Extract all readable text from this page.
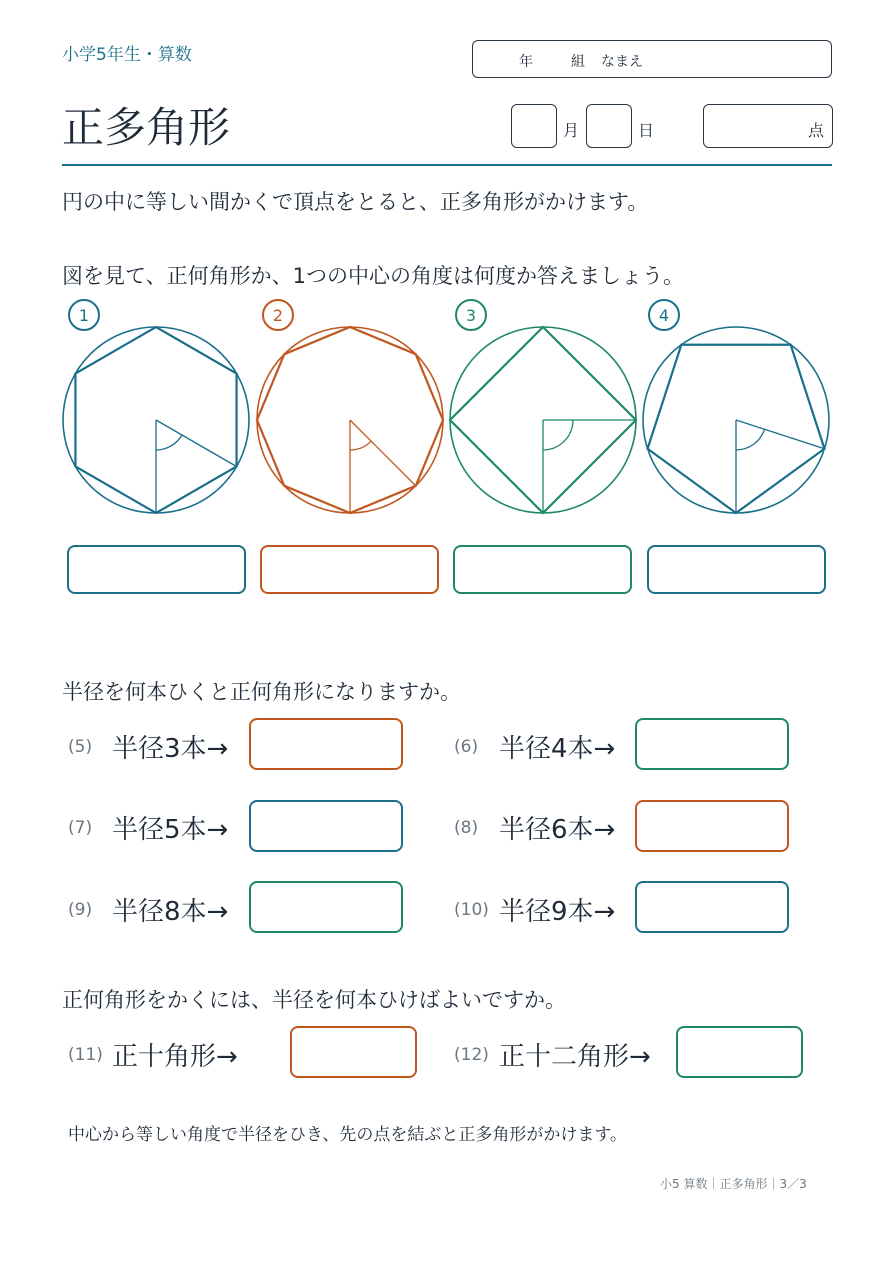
小学5年生・算数	年	組 なまえ
正多角形	月	日	点
円の中に等しい間かくで頂点をとると、正多角形がかけます。
図を見て、正何角形か、1つの中心の角度は何度か答えましょう。
1	2	3	4
半径を何本ひくと正何角形になりますか。
(5) 半径3本→	(6) 半径4本→
(7) 半径5本→	(8) 半径6本→
(9) 半径8本→	(10) 半径9本→
正何角形をかくには、半径を何本ひけばよいですか。
(11) 正十角形→	(12) 正十二角形→
中心から等しい角度で半径をひき、先の点を結ぶと正多角形がかけます。
小5 算数｜正多角形｜3／3
